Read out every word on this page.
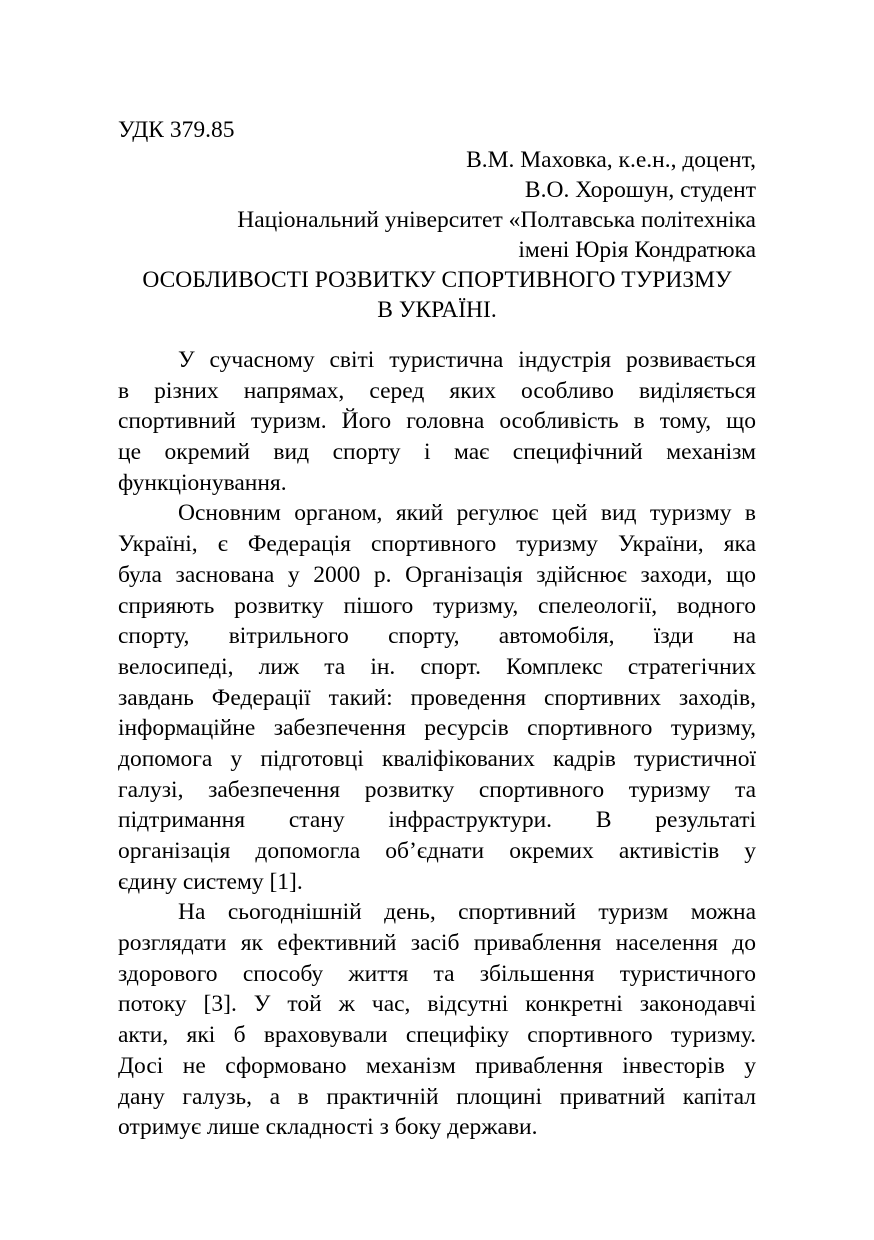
УДК 379.85
В.М. Маховка, к.е.н., доцент,
В.О. Хорошун, студент
Національний університет «Полтавська політехніка
імені Юрія Кондратюка
ОСОБЛИВОСТІ РОЗВИТКУ СПОРТИВНОГО ТУРИЗМУ
В УКРАЇНІ.
У сучасному світі туристична індустрія розвивається
в різних напрямах, серед яких особливо виділяється
спортивний туризм. Його головна особливість в тому, що
це окремий вид спорту і має специфічний механізм
функціонування.
Основним органом, який регулює цей вид туризму в
Україні, є Федерація спортивного туризму України, яка
була заснована у 2000 р. Організація здійснює заходи, що
сприяють розвитку пішого туризму, спелеології, водного
спорту, вітрильного спорту, автомобіля, їзди на
велосипеді, лиж та ін. спорт. Комплекс стратегічних
завдань Федерації такий: проведення спортивних заходів,
інформаційне забезпечення ресурсів спортивного туризму,
допомога у підготовці кваліфікованих кадрів туристичної
галузі, забезпечення розвитку спортивного туризму та
підтримання стану інфраструктури. В результаті
організація допомогла об’єднати окремих активістів у
єдину систему [1].
На сьогоднішній день, спортивний туризм можна
розглядати як ефективний засіб приваблення населення до
здорового способу життя та збільшення туристичного
потоку [3]. У той ж час, відсутні конкретні законодавчі
акти, які б враховували специфіку спортивного туризму.
Досі не сформовано механізм приваблення інвесторів у
дану галузь, а в практичній площині приватний капітал
отримує лише складності з боку держави.
